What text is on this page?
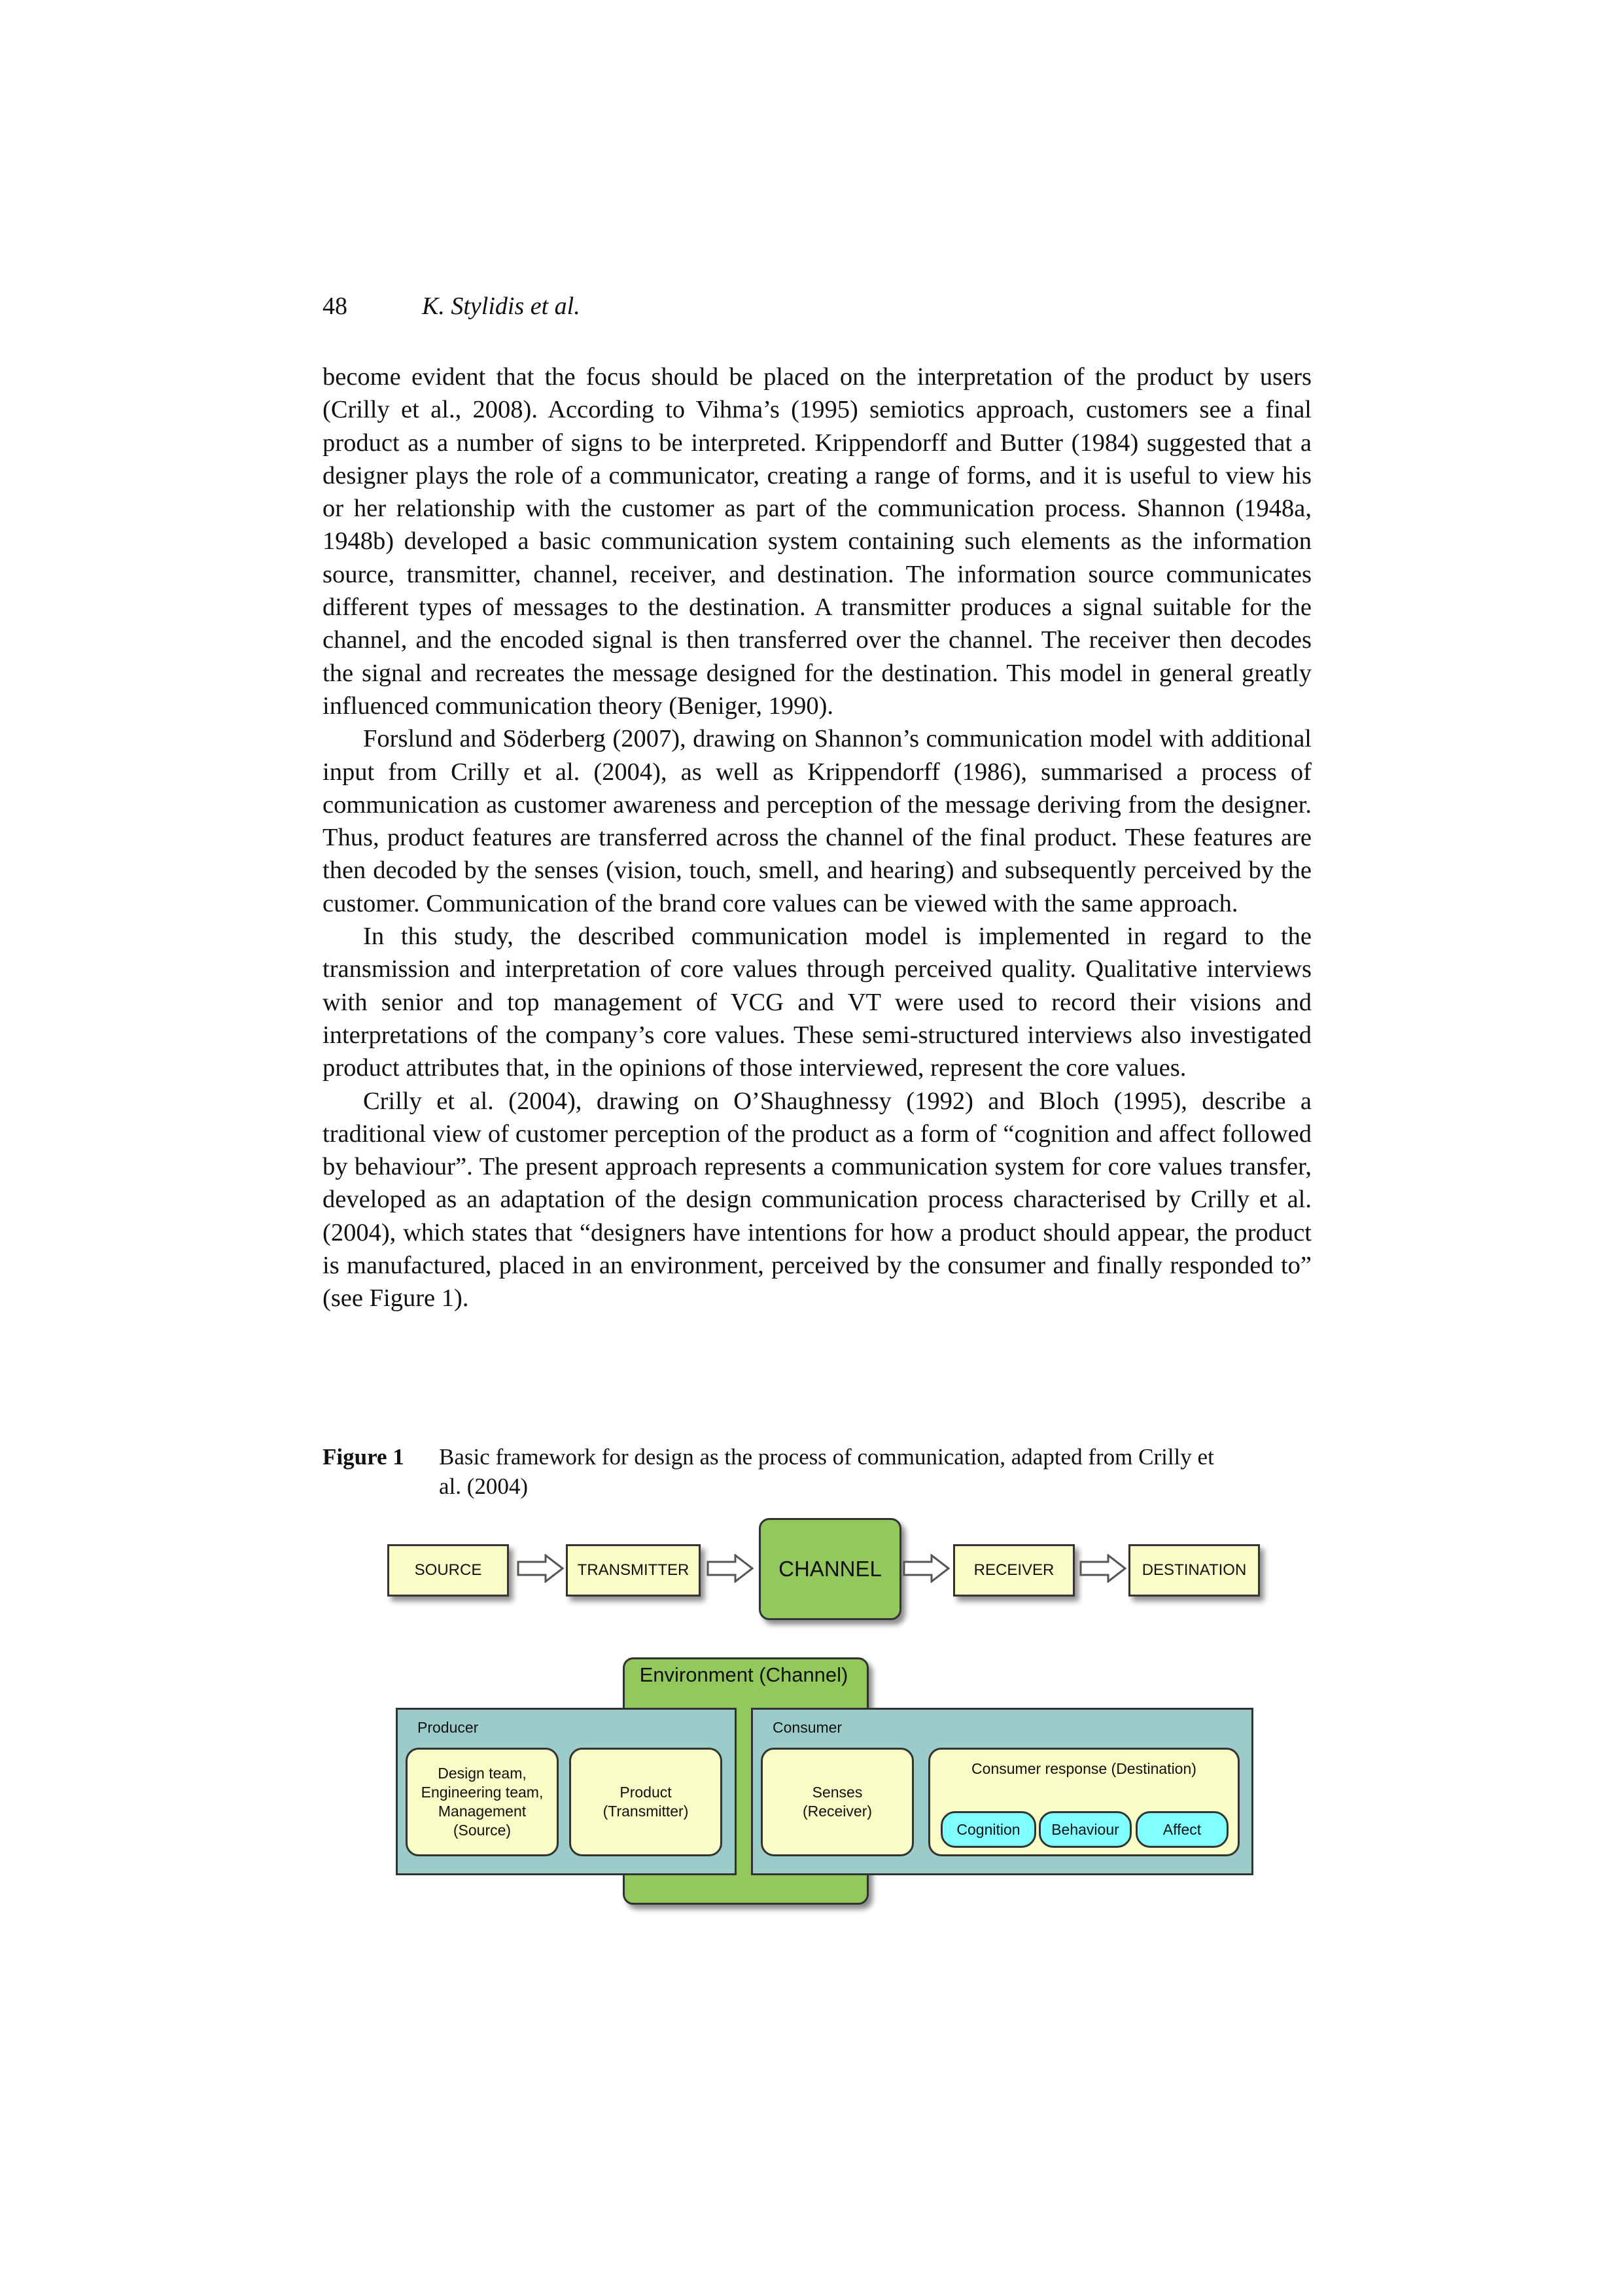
48	K. Stylidis et al.

become evident that the focus should be placed on the interpretation of the product by users (Crilly et al., 2008). According to Vihma’s (1995) semiotics approach, customers see a final product as a number of signs to be interpreted. Krippendorff and Butter (1984) suggested that a designer plays the role of a communicator, creating a range of forms, and it is useful to view his or her relationship with the customer as part of the communication process. Shannon (1948a, 1948b) developed a basic communication system containing such elements as the information source, transmitter, channel, receiver, and destination. The information source communicates different types of messages to the destination. A transmitter produces a signal suitable for the channel, and the encoded signal is then transferred over the channel. The receiver then decodes the signal and recreates the message designed for the destination. This model in general greatly influenced communication theory (Beniger, 1990).

Forslund and Söderberg (2007), drawing on Shannon’s communication model with additional input from Crilly et al. (2004), as well as Krippendorff (1986), summarised a process of communication as customer awareness and perception of the message deriving from the designer. Thus, product features are transferred across the channel of the final product. These features are then decoded by the senses (vision, touch, smell, and hearing) and subsequently perceived by the customer. Communication of the brand core values can be viewed with the same approach.

In this study, the described communication model is implemented in regard to the transmission and interpretation of core values through perceived quality. Qualitative interviews with senior and top management of VCG and VT were used to record their visions and interpretations of the company’s core values. These semi-structured interviews also investigated product attributes that, in the opinions of those interviewed, represent the core values.

Crilly et al. (2004), drawing on O’Shaughnessy (1992) and Bloch (1995), describe a traditional view of customer perception of the product as a form of “cognition and affect followed by behaviour”. The present approach represents a communication system for core values transfer, developed as an adaptation of the design communication process characterised by Crilly et al. (2004), which states that “designers have intentions for how a product should appear, the product is manufactured, placed in an environment, perceived by the consumer and finally responded to” (see Figure 1).

Figure 1 Basic framework for design as the process of communication, adapted from Crilly et al. (2004)
SOURCE	TRANSMITTER	CHANNEL	RECEIVER	DESTINATION
Environment (Channel)
Producer
Design team,
Engineering team,
Management
(Source)
Product
(Transmitter)
Consumer
Senses
(Receiver)
Consumer response (Destination)
Cognition	Behaviour	Affect
